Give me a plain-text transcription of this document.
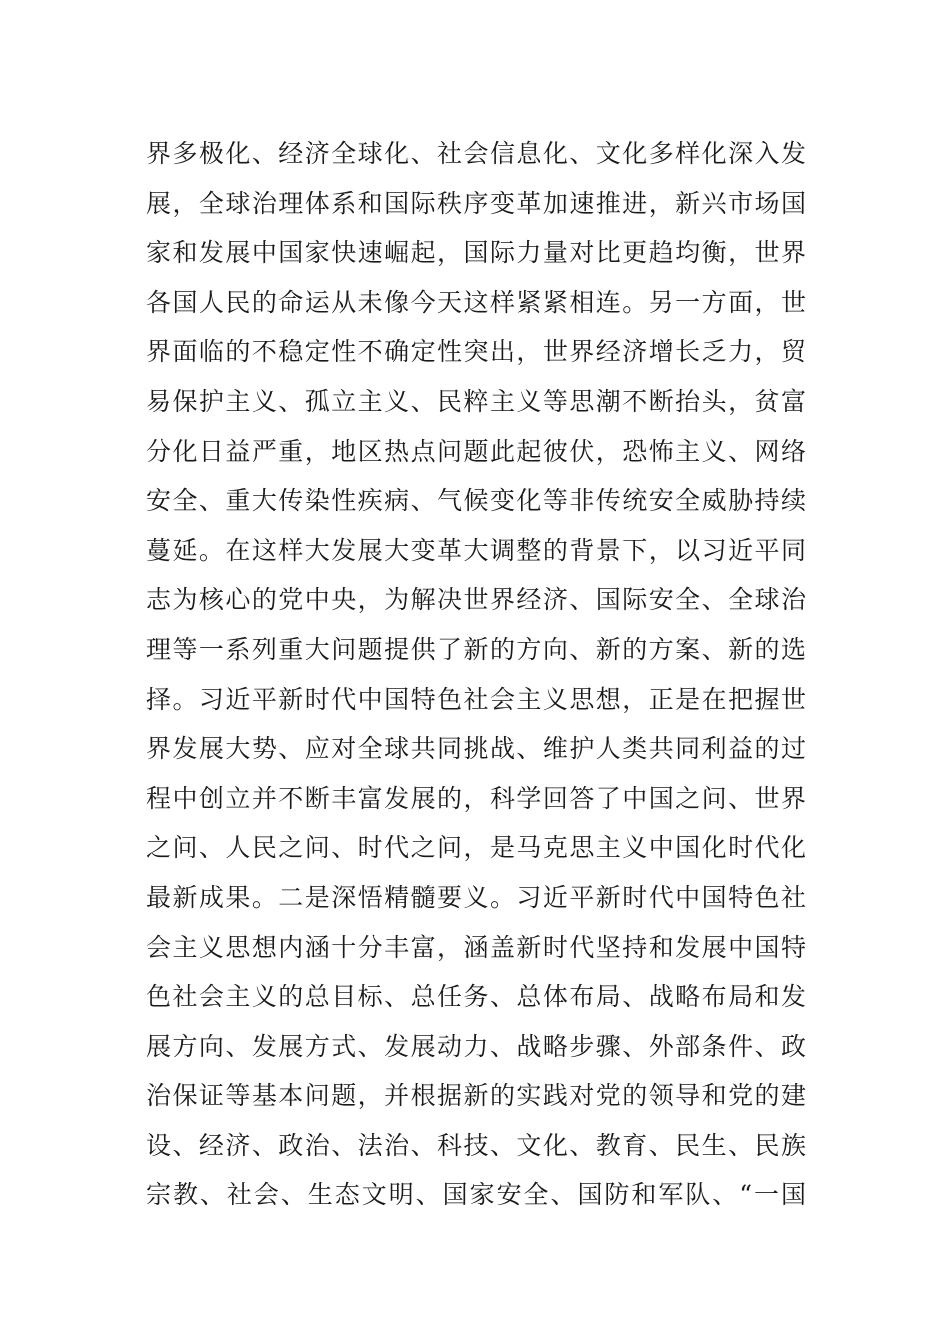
界多极化、经济全球化、社会信息化、文化多样化深入发
展，全球治理体系和国际秩序变革加速推进，新兴市场国
家和发展中国家快速崛起，国际力量对比更趋均衡，世界
各国人民的命运从未像今天这样紧紧相连。另一方面，世
界面临的不稳定性不确定性突出，世界经济增长乏力，贸
易保护主义、孤立主义、民粹主义等思潮不断抬头，贫富
分化日益严重，地区热点问题此起彼伏，恐怖主义、网络
安全、重大传染性疾病、气候变化等非传统安全威胁持续
蔓延。在这样大发展大变革大调整的背景下，以习近平同
志为核心的党中央，为解决世界经济、国际安全、全球治
理等一系列重大问题提供了新的方向、新的方案、新的选
择。习近平新时代中国特色社会主义思想，正是在把握世
界发展大势、应对全球共同挑战、维护人类共同利益的过
程中创立并不断丰富发展的，科学回答了中国之问、世界
之问、人民之问、时代之问，是马克思主义中国化时代化
最新成果。二是深悟精髓要义。习近平新时代中国特色社
会主义思想内涵十分丰富，涵盖新时代坚持和发展中国特
色社会主义的总目标、总任务、总体布局、战略布局和发
展方向、发展方式、发展动力、战略步骤、外部条件、政
治保证等基本问题，并根据新的实践对党的领导和党的建
设、经济、政治、法治、科技、文化、教育、民生、民族
宗教、社会、生态文明、国家安全、国防和军队、“一国
